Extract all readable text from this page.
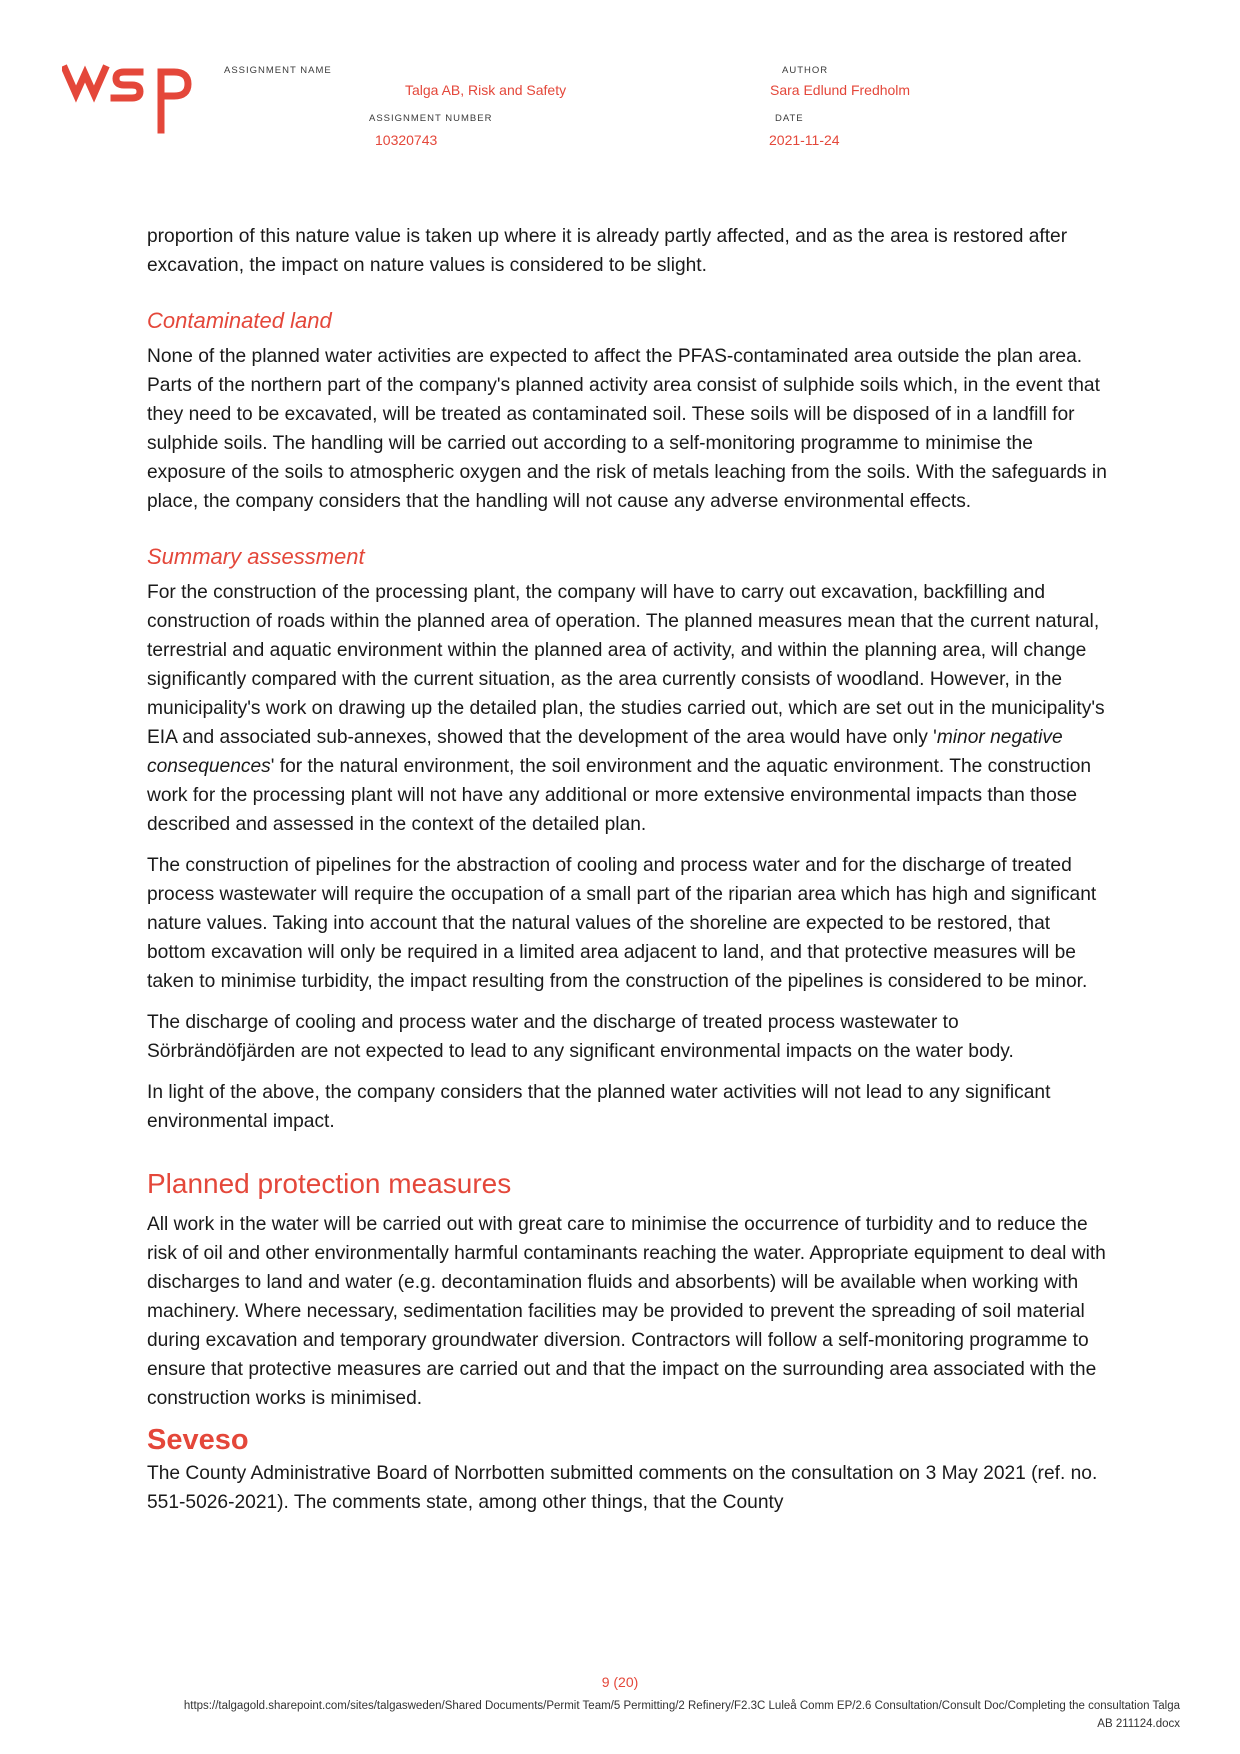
ASSIGNMENT NAME
Talga AB, Risk and Safety
ASSIGNMENT NUMBER
10320743
AUTHOR
Sara Edlund Fredholm
DATE
2021-11-24

proportion of this nature value is taken up where it is already partly affected, and as the area is restored after excavation, the impact on nature values is considered to be slight.

Contaminated land

None of the planned water activities are expected to affect the PFAS-contaminated area outside the plan area. Parts of the northern part of the company's planned activity area consist of sulphide soils which, in the event that they need to be excavated, will be treated as contaminated soil. These soils will be disposed of in a landfill for sulphide soils. The handling will be carried out according to a self-monitoring programme to minimise the exposure of the soils to atmospheric oxygen and the risk of metals leaching from the soils. With the safeguards in place, the company considers that the handling will not cause any adverse environmental effects.

Summary assessment

For the construction of the processing plant, the company will have to carry out excavation, backfilling and construction of roads within the planned area of operation. The planned measures mean that the current natural, terrestrial and aquatic environment within the planned area of activity, and within the planning area, will change significantly compared with the current situation, as the area currently consists of woodland. However, in the municipality's work on drawing up the detailed plan, the studies carried out, which are set out in the municipality's EIA and associated sub-annexes, showed that the development of the area would have only 'minor negative consequences' for the natural environment, the soil environment and the aquatic environment. The construction work for the processing plant will not have any additional or more extensive environmental impacts than those described and assessed in the context of the detailed plan.

The construction of pipelines for the abstraction of cooling and process water and for the discharge of treated process wastewater will require the occupation of a small part of the riparian area which has high and significant nature values. Taking into account that the natural values of the shoreline are expected to be restored, that bottom excavation will only be required in a limited area adjacent to land, and that protective measures will be taken to minimise turbidity, the impact resulting from the construction of the pipelines is considered to be minor.

The discharge of cooling and process water and the discharge of treated process wastewater to Sörbrändöfjärden are not expected to lead to any significant environmental impacts on the water body.

In light of the above, the company considers that the planned water activities will not lead to any significant environmental impact.

Planned protection measures

All work in the water will be carried out with great care to minimise the occurrence of turbidity and to reduce the risk of oil and other environmentally harmful contaminants reaching the water. Appropriate equipment to deal with discharges to land and water (e.g. decontamination fluids and absorbents) will be available when working with machinery. Where necessary, sedimentation facilities may be provided to prevent the spreading of soil material during excavation and temporary groundwater diversion. Contractors will follow a self-monitoring programme to ensure that protective measures are carried out and that the impact on the surrounding area associated with the construction works is minimised.

Seveso

The County Administrative Board of Norrbotten submitted comments on the consultation on 3 May 2021 (ref. no. 551-5026-2021). The comments state, among other things, that the County

9 (20)
https://talgagold.sharepoint.com/sites/talgasweden/Shared Documents/Permit Team/5 Permitting/2 Refinery/F2.3C Luleå Comm EP/2.6 Consultation/Consult Doc/Completing the consultation Talga
AB 211124.docx
